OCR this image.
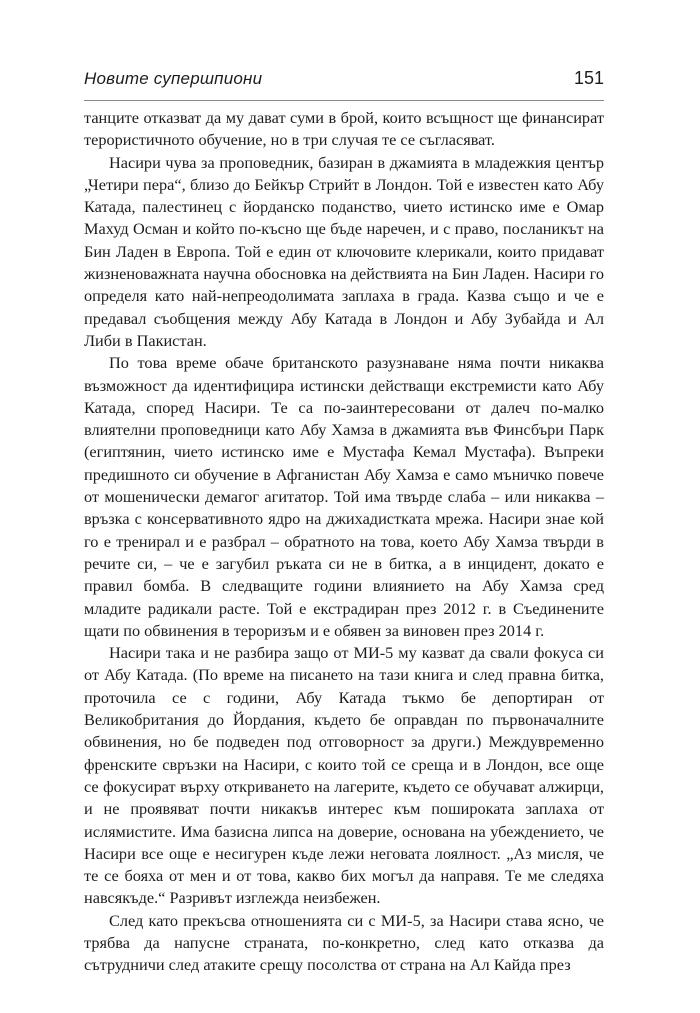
Новите супершпиони	151

танците отказват да му дават суми в брой, които всъщност ще финансират терористичното обучение, но в три случая те се съгласяват.

Насири чува за проповедник, базиран в джамията в младежкия център „Четири пера“, близо до Бейкър Стрийт в Лондон. Той е известен като Абу Катада, палестинец с йорданско поданство, чието истинско име е Омар Махуд Осман и който по-късно ще бъде наречен, и с право, посланикът на Бин Ладен в Европа. Той е един от ключовите клерикали, които придават жизненоважната научна обосновка на действията на Бин Ладен. Насири го определя като най-непреодолимата заплаха в града. Казва също и че е предавал съобщения между Абу Катада в Лондон и Абу Зубайда и Ал Либи в Пакистан.

По това време обаче британското разузнаване няма почти никаква възможност да идентифицира истински действащи екстремисти като Абу Катада, според Насири. Те са по-заинтересовани от далеч по-малко влиятелни проповедници като Абу Хамза в джамията във Финсбъри Парк (египтянин, чието истинско име е Мустафа Кемал Мустафа). Въпреки предишното си обучение в Афганистан Абу Хамза е само мъничко повече от мошенически демагог агитатор. Той има твърде слаба – или никаква – връзка с консервативното ядро на джихадистката мрежа. Насири знае кой го е тренирал и е разбрал – обратното на това, което Абу Хамза твърди в речите си, – че е загубил ръката си не в битка, а в инцидент, докато е правил бомба. В следващите години влиянието на Абу Хамза сред младите радикали расте. Той е екстрадиран през 2012 г. в Съединените щати по обвинения в тероризъм и е обявен за виновен през 2014 г.

Насири така и не разбира защо от МИ-5 му казват да свали фокуса си от Абу Катада. (По време на писането на тази книга и след правна битка, проточила се с години, Абу Катада тъкмо бе депортиран от Великобритания до Йордания, където бе оправдан по първоначалните обвинения, но бе подведен под отговорност за други.) Междувременно френските свръзки на Насири, с които той се среща и в Лондон, все още се фокусират върху откриването на лагерите, където се обучават алжирци, и не проявяват почти никакъв интерес към пошироката заплаха от ислямистите. Има базисна липса на доверие, основана на убеждението, че Насири все още е несигурен къде лежи неговата лоялност. „Аз мисля, че те се бояха от мен и от това, какво бих могъл да направя. Те ме следяха навсякъде.“ Разривът изглежда неизбежен.

След като прекъсва отношенията си с МИ-5, за Насири става ясно, че трябва да напусне страната, по-конкретно, след като отказва да сътрудничи след атаките срещу посолства от страна на Ал Кайда през
